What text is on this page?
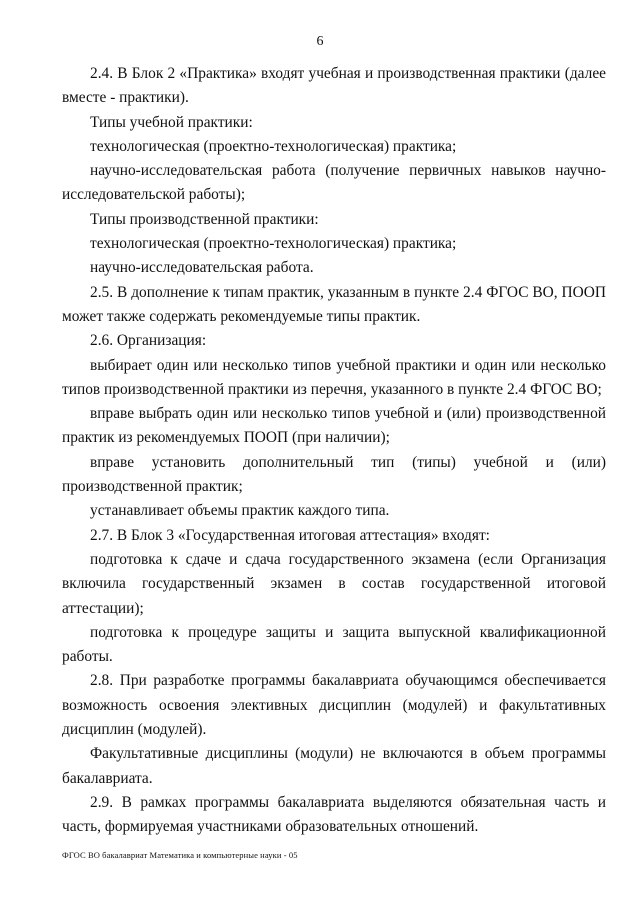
6

2.4. В Блок 2 «Практика» входят учебная и производственная практики (далее вместе - практики).

Типы учебной практики:

технологическая (проектно-технологическая) практика;

научно-исследовательская работа (получение первичных навыков научно-исследовательской работы);

Типы производственной практики:

технологическая (проектно-технологическая) практика;

научно-исследовательская работа.

2.5. В дополнение к типам практик, указанным в пункте 2.4 ФГОС ВО, ПООП может также содержать рекомендуемые типы практик.

2.6. Организация:

выбирает один или несколько типов учебной практики и один или несколько типов производственной практики из перечня, указанного в пункте 2.4 ФГОС ВО;

вправе выбрать один или несколько типов учебной и (или) производственной практик из рекомендуемых ПООП (при наличии);

вправе установить дополнительный тип (типы) учебной и (или) производственной практик;

устанавливает объемы практик каждого типа.

2.7. В Блок 3 «Государственная итоговая аттестация» входят:

подготовка к сдаче и сдача государственного экзамена (если Организация включила государственный экзамен в состав государственной итоговой аттестации);

подготовка к процедуре защиты и защита выпускной квалификационной работы.

2.8. При разработке программы бакалавриата обучающимся обеспечивается возможность освоения элективных дисциплин (модулей) и факультативных дисциплин (модулей).

Факультативные дисциплины (модули) не включаются в объем программы бакалавриата.

2.9. В рамках программы бакалавриата выделяются обязательная часть и часть, формируемая участниками образовательных отношений.

ФГОС ВО бакалавриат Математика и компьютерные науки - 05
